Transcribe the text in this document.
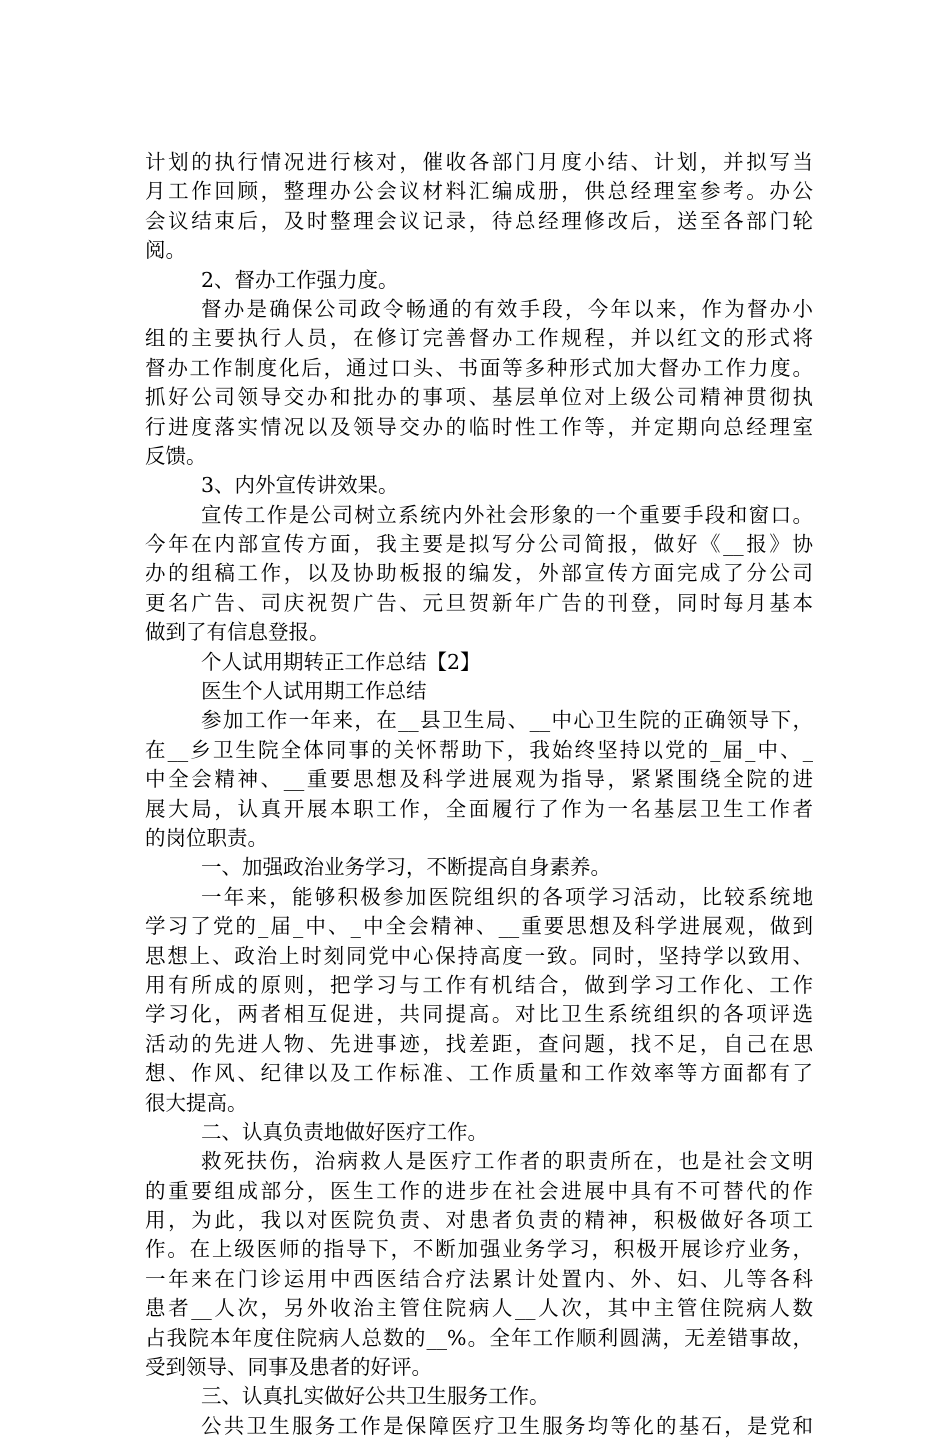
计划的执行情况进行核对，催收各部门月度小结、计划，并拟写当
月工作回顾，整理办公会议材料汇编成册，供总经理室参考。办公
会议结束后，及时整理会议记录，待总经理修改后，送至各部门轮
阅。
2、督办工作强力度。
督办是确保公司政令畅通的有效手段，今年以来，作为督办小
组的主要执行人员，在修订完善督办工作规程，并以红文的形式将
督办工作制度化后，通过口头、书面等多种形式加大督办工作力度。
抓好公司领导交办和批办的事项、基层单位对上级公司精神贯彻执
行进度落实情况以及领导交办的临时性工作等，并定期向总经理室
反馈。
3、内外宣传讲效果。
宣传工作是公司树立系统内外社会形象的一个重要手段和窗口。
今年在内部宣传方面，我主要是拟写分公司简报，做好《__报》协
办的组稿工作，以及协助板报的编发，外部宣传方面完成了分公司
更名广告、司庆祝贺广告、元旦贺新年广告的刊登，同时每月基本
做到了有信息登报。
个人试用期转正工作总结【2】
医生个人试用期工作总结
参加工作一年来，在__县卫生局、__中心卫生院的正确领导下，
在__乡卫生院全体同事的关怀帮助下，我始终坚持以党的_届_中、_
中全会精神、__重要思想及科学进展观为指导，紧紧围绕全院的进
展大局，认真开展本职工作，全面履行了作为一名基层卫生工作者
的岗位职责。
一、加强政治业务学习，不断提高自身素养。
一年来，能够积极参加医院组织的各项学习活动，比较系统地
学习了党的_届_中、_中全会精神、__重要思想及科学进展观，做到
思想上、政治上时刻同党中心保持高度一致。同时，坚持学以致用、
用有所成的原则，把学习与工作有机结合，做到学习工作化、工作
学习化，两者相互促进，共同提高。对比卫生系统组织的各项评选
活动的先进人物、先进事迹，找差距，查问题，找不足，自己在思
想、作风、纪律以及工作标准、工作质量和工作效率等方面都有了
很大提高。
二、认真负责地做好医疗工作。
救死扶伤，治病救人是医疗工作者的职责所在，也是社会文明
的重要组成部分，医生工作的进步在社会进展中具有不可替代的作
用，为此，我以对医院负责、对患者负责的精神，积极做好各项工
作。在上级医师的指导下，不断加强业务学习，积极开展诊疗业务，
一年来在门诊运用中西医结合疗法累计处置内、外、妇、儿等各科
患者__人次，另外收治主管住院病人__人次，其中主管住院病人数
占我院本年度住院病人总数的__%。全年工作顺利圆满，无差错事故，
受到领导、同事及患者的好评。
三、认真扎实做好公共卫生服务工作。
公共卫生服务工作是保障医疗卫生服务均等化的基石，是党和
